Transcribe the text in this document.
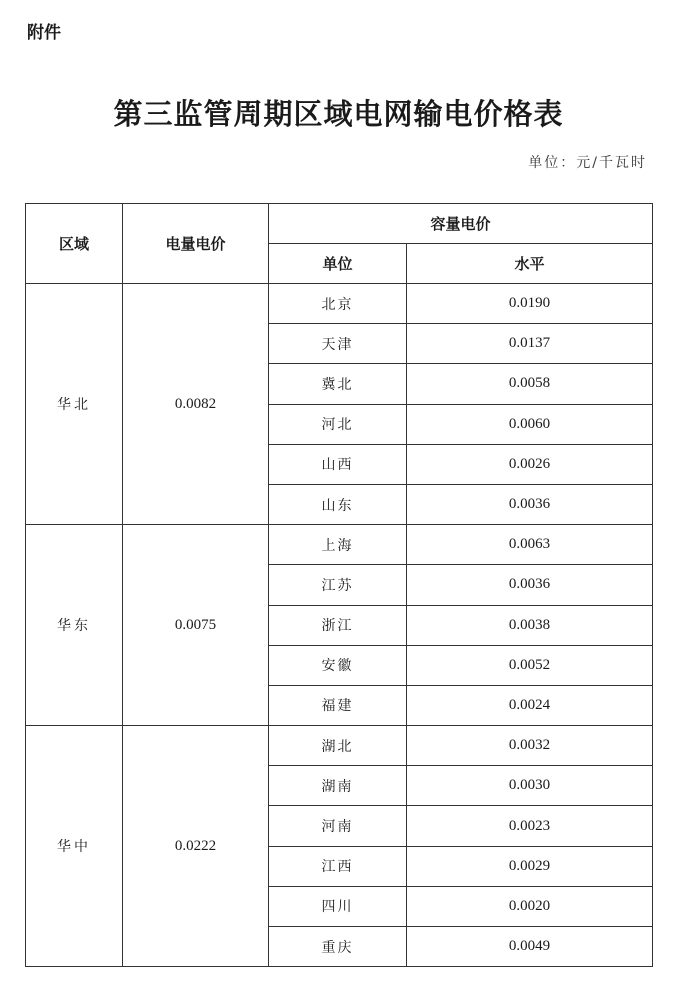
附件
第三监管周期区域电网输电价格表
单位：元/千瓦时
区域	电量电价	容量电价	
		单位	水平
华北	0.0082	北京	0.0190
		天津	0.0137
		冀北	0.0058
		河北	0.0060
		山西	0.0026
		山东	0.0036
华东	0.0075	上海	0.0063
		江苏	0.0036
		浙江	0.0038
		安徽	0.0052
		福建	0.0024
华中	0.0222	湖北	0.0032
		湖南	0.0030
		河南	0.0023
		江西	0.0029
		四川	0.0020
		重庆	0.0049
